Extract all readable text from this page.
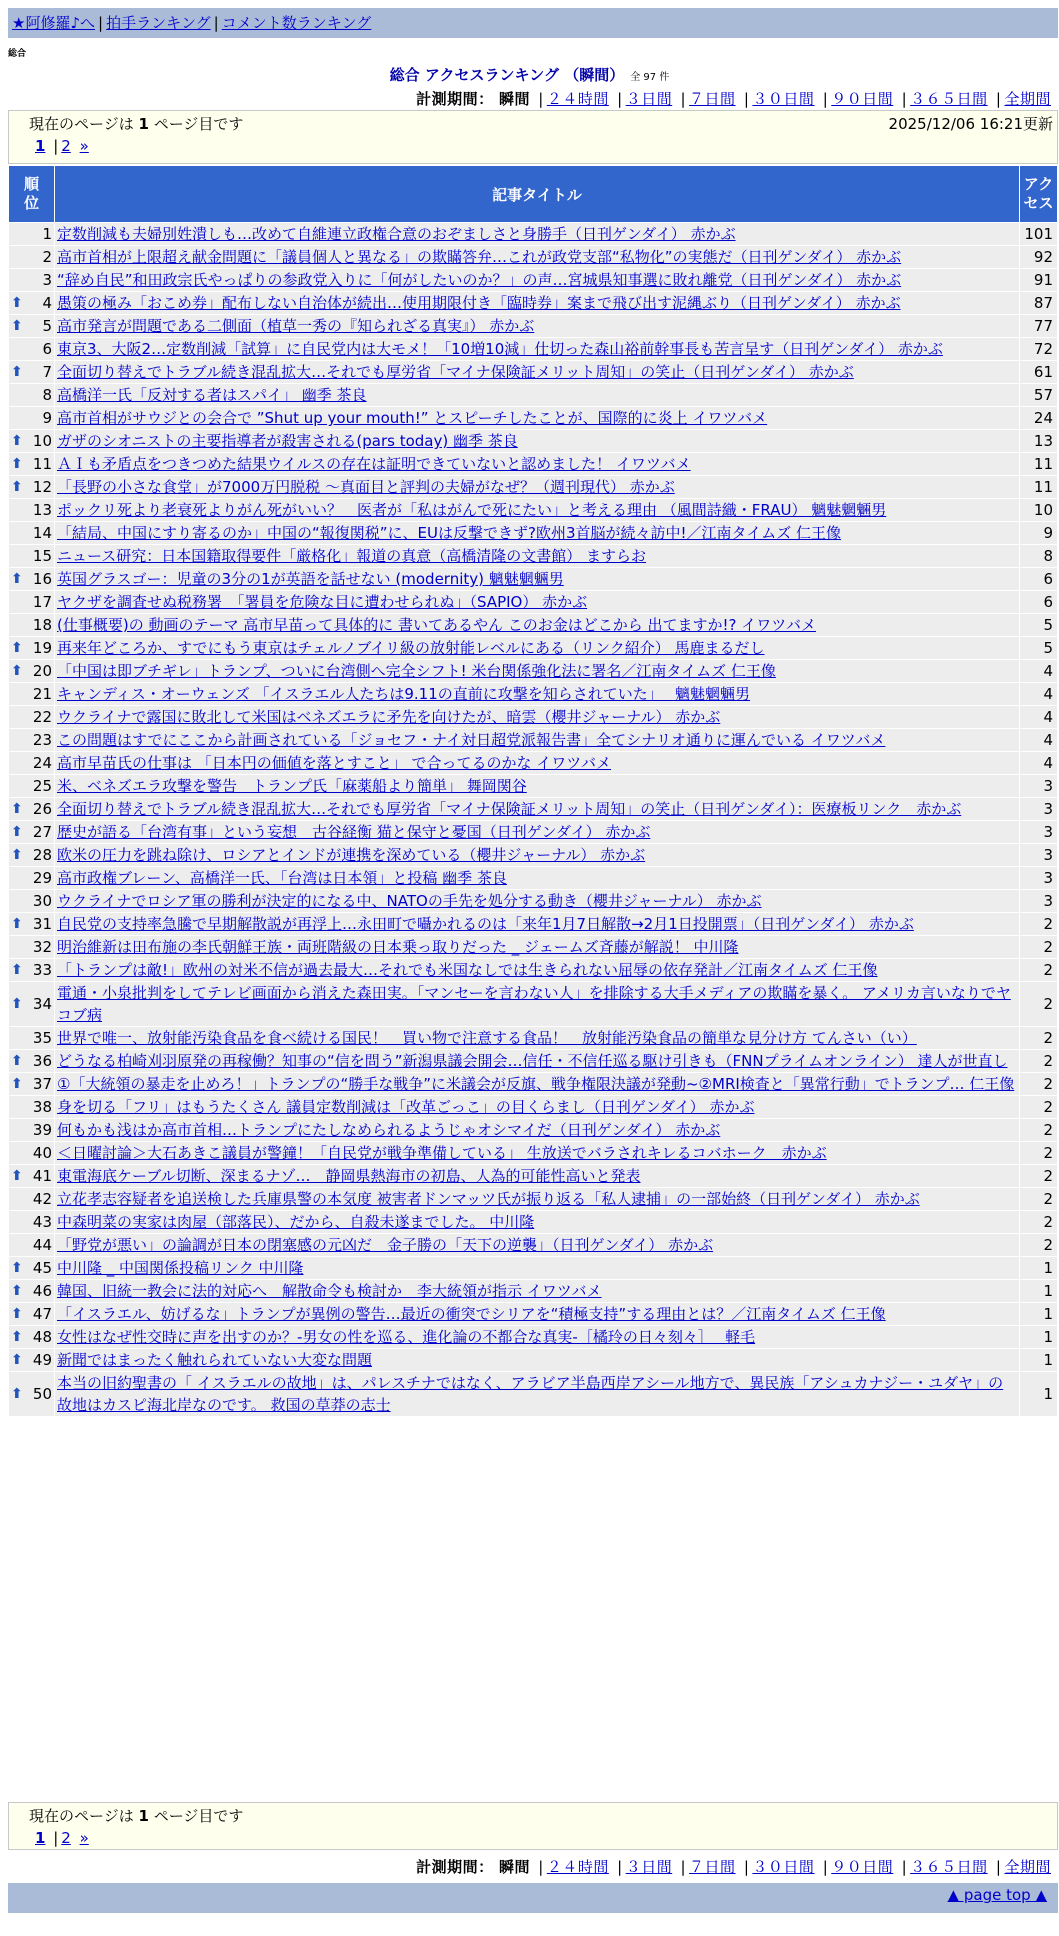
★阿修羅♪へ | 拍手ランキング | コメント数ランキング
総合
総合 アクセスランキング （瞬間） 全 97 件
計測期間： 瞬間 | ２４時間 | ３日間 | ７日間 | ３０日間 | ９０日間 | ３６５日間 | 全期間
現在のページは 1 ページ目です	2025/12/06 16:21更新
1 | 2 »
順位	記事タイトル	アクセス
1	定数削減も夫婦別姓潰しも…改めて自維連立政権合意のおぞましさと身勝手（日刊ゲンダイ） 赤かぶ	101
2	高市首相が上限超え献金問題に「議員個人と異なる」の欺瞞答弁…これが政党支部“私物化”の実態だ（日刊ゲンダイ） 赤かぶ	92
3	“辞め自民”和田政宗氏やっぱりの参政党入りに「何がしたいのか？」の声…宮城県知事選に敗れ離党（日刊ゲンダイ） 赤かぶ	91

⬆ 4	愚策の極み「おこめ券」配布しない自治体が続出…使用期限付き「臨時券」案まで飛び出す泥縄ぶり（日刊ゲンダイ） 赤かぶ	87

⬆ 5	高市発言が問題である二側面（植草一秀の『知られざる真実』） 赤かぶ	77
6	東京3、大阪2…定数削減「試算」に自民党内は大モメ！「10増10減」仕切った森山裕前幹事長も苦言呈す（日刊ゲンダイ） 赤かぶ	72

⬆ 7	全面切り替えでトラブル続き混乱拡大…それでも厚労省「マイナ保険証メリット周知」の笑止（日刊ゲンダイ） 赤かぶ	61
8	高橋洋一氏「反対する者はスパイ」 幽季 茶良	57
9	高市首相がサウジとの会合で ”Shut up your mouth!” とスピーチしたことが、国際的に炎上 イワツバメ	24

⬆ 10	ガザのシオニストの主要指導者が殺害される(pars today) 幽季 茶良	13

⬆ 11	ＡＩも矛盾点をつきつめた結果ウイルスの存在は証明できていないと認めました！ イワツバメ	11

⬆ 12	「長野の小さな食堂」が7000万円脱税 ～真面目と評判の夫婦がなぜ？（週刊現代） 赤かぶ	11
13	ポックリ死より老衰死よりがん死がいい？　医者が「私はがんで死にたい」と考える理由 （風間詩織・FRAU） 魑魅魍魎男	10
14	「結局、中国にすり寄るのか」中国の“報復関税”に、EUは反撃できず?欧州3首脳が続々訪中!／江南タイムズ 仁王像	9
15	ニュース研究：日本国籍取得要件「厳格化」報道の真意（高橋清隆の文書館） ますらお	8

⬆ 16	英国グラスゴー：児童の3分の1が英語を話せない (modernity) 魑魅魍魎男	6
17	ヤクザを調査せぬ税務署　「署員を危険な目に遭わせられぬ」（SAPIO） 赤かぶ	6
18	(仕事概要)の 動画のテーマ 高市早苗って具体的に 書いてあるやん このお金はどこから 出てますか!? イワツバメ	5

⬆ 19	再来年どころか、すでにもう東京はチェルノブイリ級の放射能レベルにある（リンク紹介） 馬鹿まるだし	5

⬆ 20	「中国は即ブチギレ」トランプ、ついに台湾側へ完全シフト! 米台関係強化法に署名／江南タイムズ 仁王像	4
21	キャンディス・オーウェンズ 「イスラエル人たちは9.11の直前に攻撃を知らされていた」　 魑魅魍魎男	4
22	ウクライナで露国に敗北して米国はベネズエラに矛先を向けたが、暗雲（櫻井ジャーナル） 赤かぶ	4
23	この問題はすでにここから計画されている「ジョセフ・ナイ対日超党派報告書」全てシナリオ通りに運んでいる イワツバメ	4
24	高市早苗氏の仕事は 「日本円の価値を落とすこと」 で合ってるのかな イワツバメ	4
25	米、ベネズエラ攻撃を警告　トランプ氏「麻薬船より簡単」 舞岡関谷	3

⬆ 26	全面切り替えでトラブル続き混乱拡大…それでも厚労省「マイナ保険証メリット周知」の笑止（日刊ゲンダイ）：医療板リンク　赤かぶ	3

⬆ 27	歴史が語る「台湾有事」という妄想　古谷経衡 猫と保守と憂国（日刊ゲンダイ） 赤かぶ	3

⬆ 28	欧米の圧力を跳ね除け、ロシアとインドが連携を深めている（櫻井ジャーナル） 赤かぶ	3
29	高市政権ブレーン、高橋洋一氏、「台湾は日本領」と投稿 幽季 茶良	3
30	ウクライナでロシア軍の勝利が決定的になる中、NATOの手先を処分する動き（櫻井ジャーナル） 赤かぶ	3

⬆ 31	自民党の支持率急騰で早期解散説が再浮上…永田町で囁かれるのは「来年1月7日解散→2月1日投開票」（日刊ゲンダイ） 赤かぶ	2
32	明治維新は田布施の李氏朝鮮王族・両班階級の日本乗っ取りだった _ ジェームズ斉藤が解説！ 中川隆	2

⬆ 33	「トランプは敵!」欧州の対米不信が過去最大…それでも米国なしでは生きられない屈辱の依存発計／江南タイムズ 仁王像	2

⬆ 34	電通・小泉批判をしてテレビ画面から消えた森田実。「マンセーを言わない人」を排除する大手メディアの欺瞞を暴く。 アメリカ言いなりでヤコブ病	2
35	世界で唯一、放射能汚染食品を食べ続ける国民！　買い物で注意する食品！　放射能汚染食品の簡単な見分け方 てんさい（い）	2

⬆ 36	どうなる柏崎刈羽原発の再稼働？知事の“信を問う”新潟県議会開会…信任・不信任巡る駆け引きも（FNNプライムオンライン） 達人が世直し	2

⬆ 37	①「大統領の暴走を止めろ！」トランプの“勝手な戦争”に米議会が反旗、戦争権限決議が発動~②MRI検査と「異常行動」でトランプ… 仁王像	2
38	身を切る「フリ」はもうたくさん 議員定数削減は「改革ごっこ」の目くらまし（日刊ゲンダイ） 赤かぶ	2
39	何もかも浅はか高市首相…トランプにたしなめられるようじゃオシマイだ（日刊ゲンダイ） 赤かぶ	2
40	＜日曜討論＞大石あきこ議員が警鐘！「自民党が戦争準備している」 生放送でバラされキレるコバホーク　赤かぶ	2

⬆ 41	東電海底ケーブル切断、深まるナゾ…　静岡県熱海市の初島、人為的可能性高いと発表	2
42	立花孝志容疑者を追送検した兵庫県警の本気度 被害者ドンマッツ氏が振り返る「私人逮捕」の一部始終（日刊ゲンダイ） 赤かぶ	2
43	中森明菜の実家は肉屋（部落民）、だから、自殺未遂までした。 中川隆	2
44	「野党が悪い」の論調が日本の閉塞感の元凶だ　金子勝の「天下の逆襲」（日刊ゲンダイ） 赤かぶ	2

⬆ 45	中川隆 _ 中国関係投稿リンク 中川隆	1

⬆ 46	韓国、旧統一教会に法的対応へ　解散命令も検討か　李大統領が指示 イワツバメ	1

⬆ 47	「イスラエル、妨げるな」トランプが異例の警告…最近の衝突でシリアを“積極支持”する理由とは？／江南タイムズ 仁王像	1

⬆ 48	女性はなぜ性交時に声を出すのか？-男女の性を巡る、進化論の不都合な真実-［橘玲の日々刻々］　 軽毛	1

⬆ 49	新聞ではまったく触れられていない大変な問題	1

⬆ 50	本当の旧約聖書の「 イスラエルの故地」は、パレスチナではなく、アラビア半島西岸アシール地方で、異民族「アシュカナジー・ユダヤ」の故地はカスピ海北岸なのです。 救国の草莽の志士	1
現在のページは 1 ページ目です
1 | 2 »
計測期間： 瞬間 | ２４時間 | ３日間 | ７日間 | ３０日間 | ９０日間 | ３６５日間 | 全期間
▲ page top ▲
